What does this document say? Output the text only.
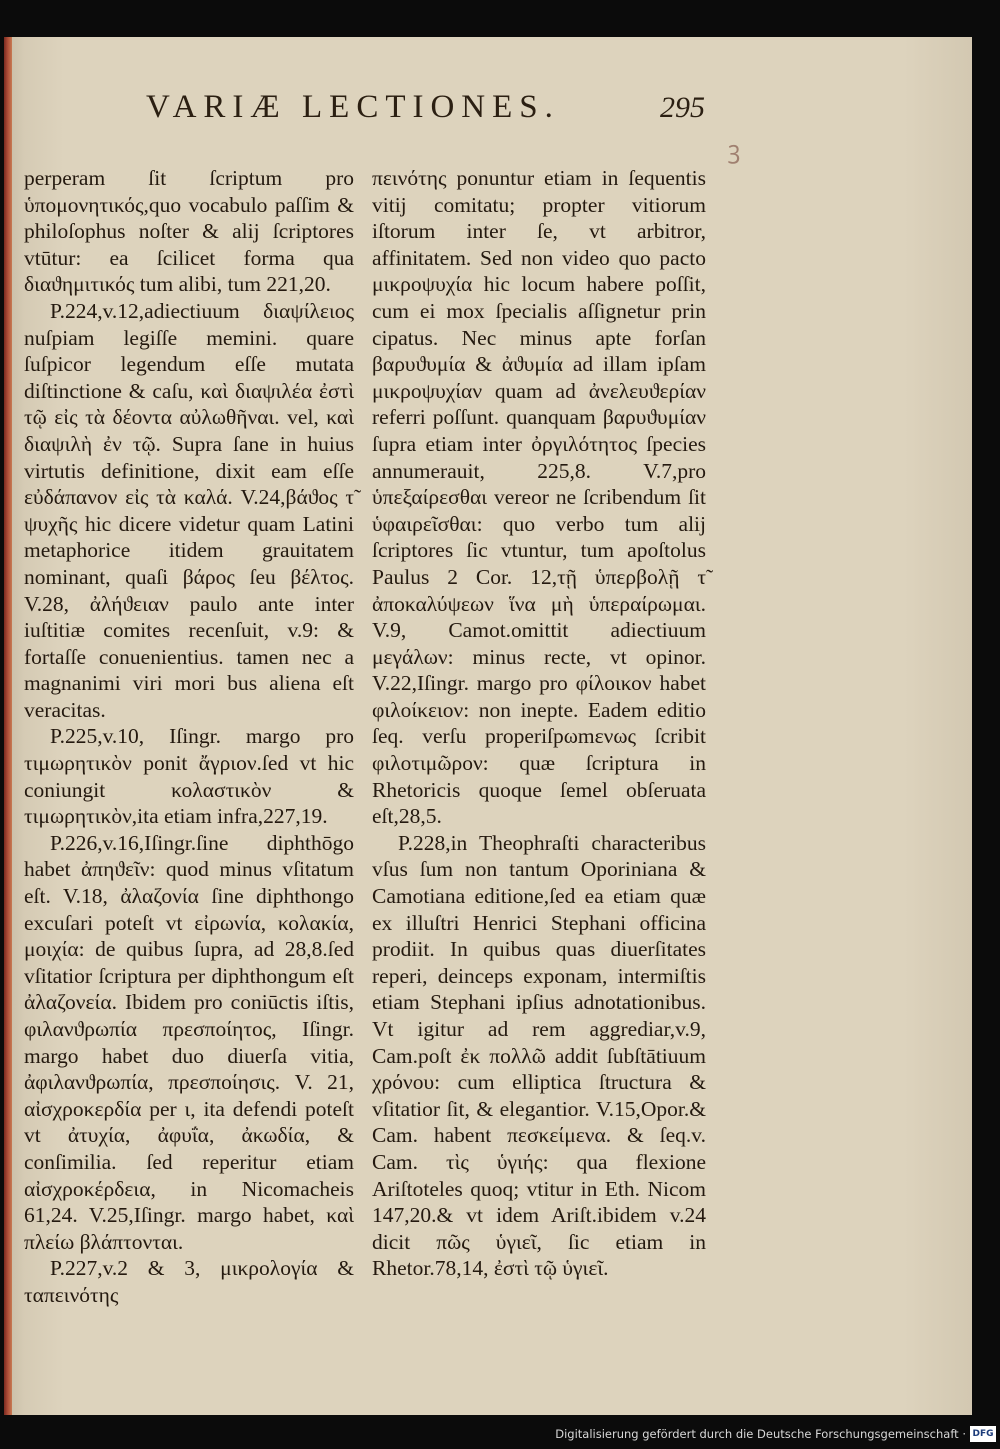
VARIÆ LECTIONES.	295
ꝫ

perperam ſit ſcriptum pro ὑπομονητικός,quo vocabulo paſſim & philoſophus noſter & alij ſcriptores vtūtur: ea ſcilicet forma qua διαϑημιτικός tum alibi, tum 221,20.

P.224,v.12,adiectiuum διαψίλειος nuſpiam legiſſe memini. quare ſuſpicor legendum eſſe mutata diſtinctione & caſu, καὶ διαψιλέα ἐστὶ τῷ εἰς τὰ δέοντα αὐλωθῆναι. vel, καὶ διαψιλὴ ἐν τῷ. Supra ſane in huius virtutis definitione, dixit eam eſſe εὐδάπανον εἰς τὰ καλά. V.24,βάϑος τ̃ ψυχῆς hic dicere videtur quam Latini metaphorice itidem grauitatem nominant, quaſi βάρος ſeu βέλτος. V.28, ἀλήϑειαν paulo ante inter iuſtitiæ comites recenſuit, v.9: & fortaſſe conuenientius. tamen nec a magnanimi viri mori bus aliena eſt veracitas.

P.225,v.10, Iſingr. margo pro τιμωρητικὸν ponit ἄγριον.ſed vt hic coniungit κολαστικὸν & τιμωρητικὸν,ita etiam infra,227,19.

P.226,v.16,Iſingr.ſine diphthōgo habet ἀπηϑεῖν: quod minus vſitatum eſt. V.18, ἀλαζονία ſine diphthongo excuſari poteſt vt εἰρωνία, κολακία, μοιχία: de quibus ſupra, ad 28,8.ſed vſitatior ſcriptura per diphthongum eſt ἀλαζονεία. Ibidem pro coniūctis iſtis, φιλανϑρωπία πρεσποίητος, Iſingr. margo habet duo diuerſa vitia, ἀφιλανϑρωπία, πρεσποίησις. V. 21, αἰσχροκερδία per ι, ita defendi poteſt vt ἀτυχία, ἀφυΐα, ἀκωδία, & conſimilia. ſed reperitur etiam αἰσχροκέρδεια, in Nicomacheis 61,24. V.25,Iſingr. margo habet, καὶ πλείω βλάπτονται.

P.227,v.2 & 3, μικρολογία & ταπεινότης

πεινότης ponuntur etiam in ſequentis vitij comitatu; propter vitiorum iſtorum inter ſe, vt arbitror, affinitatem. Sed non video quo pacto μικροψυχία hic locum habere poſſit, cum ei mox ſpecialis aſſignetur prin cipatus. Nec minus apte forſan βαρυϑυμία & ἀϑυμία ad illam ipſam μικροψυχίαν quam ad ἀνελευϑερίαν referri poſſunt. quanquam βαρυϑυμίαν ſupra etiam inter ὀργιλότητος ſpecies annumerauit, 225,8. V.7,pro ὑπεξαίρεσθαι vereor ne ſcribendum ſit ὑφαιρεῖσθαι: quo verbo tum alij ſcriptores ſic vtuntur, tum apoſtolus Paulus 2 Cor. 12,τῇ ὑπερβολῇ τ̃ ἀποκαλύψεων ἵνα μὴ ὑπεραίρωμαι. V.9, Camot.omittit adiectiuum μεγάλων: minus recte, vt opinor. V.22,Iſingr. margo pro φίλοικον habet φιλοίκειον: non inepte. Eadem editio ſeq. verſu properiſpωmενως ſcribit φιλοτιμῶρον: quæ ſcriptura in Rhetoricis quoque ſemel obſeruata eſt,28,5.

P.228,in Theophraſti characteribus vſus ſum non tantum Oporiniana & Camotiana editione,ſed ea etiam quæ ex illuſtri Henrici Stephani officina prodiit. In quibus quas diuerſitates reperi, deinceps exponam, intermiſtis etiam Stephani ipſius adnotationibus. Vt igitur ad rem aggrediar,v.9, Cam.poſt ἐκ πολλῶ addit ſubſtātiuum χρόνου: cum elliptica ſtructura & vſitatior ſit, & elegantior. V.15,Opor.& Cam. habent πεσκείμενα. & ſeq.v. Cam. τὶς ὑγιής: qua flexione Ariſtoteles quoq; vtitur in Eth. Nicom 147,20.& vt idem Ariſt.ibidem v.24 dicit πῶς ὑγιεῖ, ſic etiam in Rhetor.78,14, ἐστὶ τῷ ὑγιεῖ.

Digitalisierung gefördert durch die Deutsche Forschungsgemeinschaft · DFG
